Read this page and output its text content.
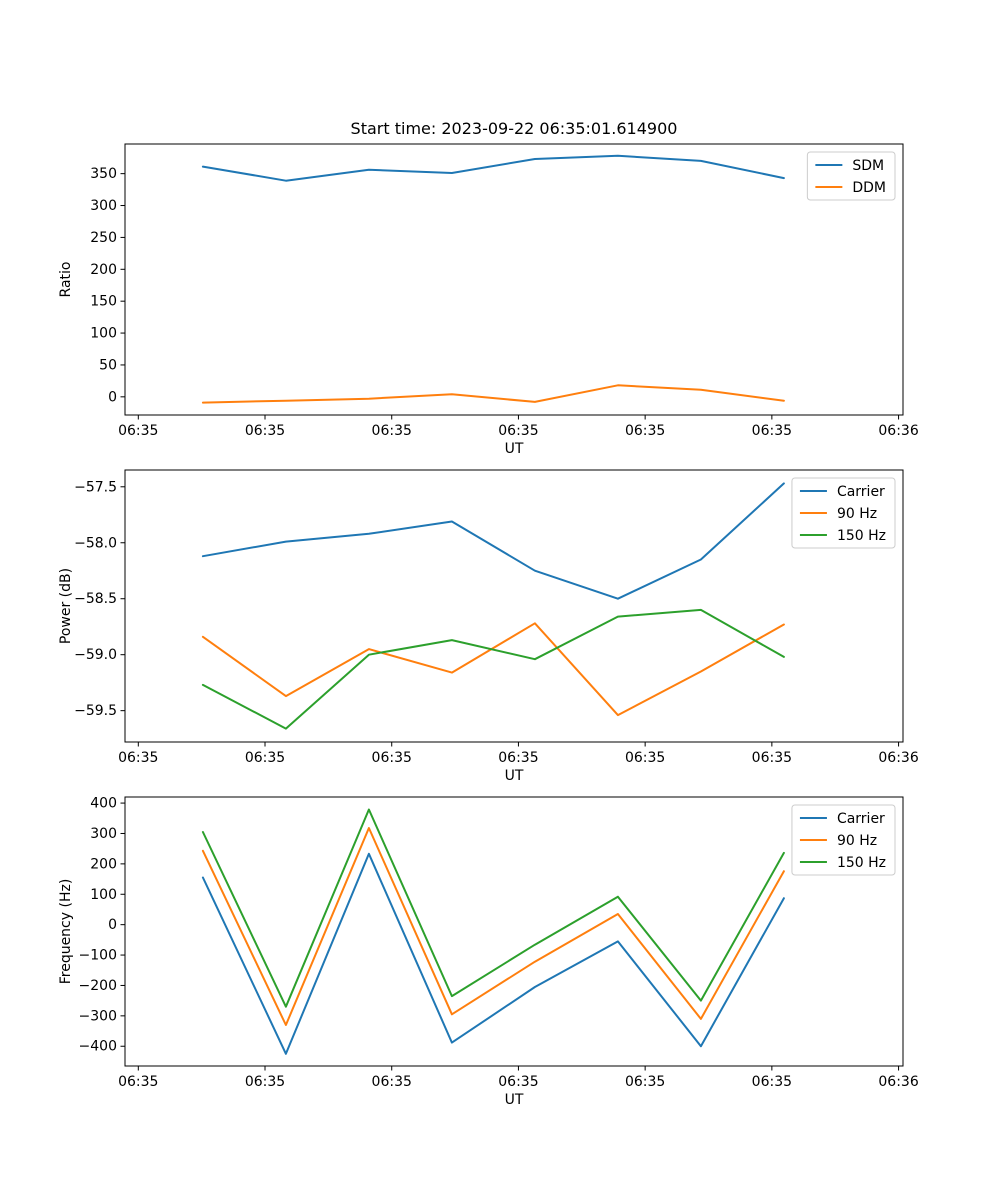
Start time: 2023-09-22 06:35:01.614900
Ratio
Power (dB)
Frequency (Hz)
UT
UT
UT
06:35	06:35	06:35	06:35	06:35	06:35	06:36
0
50
100
150
200
250
300
350
SDM
DDM
06:35	06:35	06:35	06:35	06:35	06:35	06:36
−59.5
−59.0
−58.5
−58.0
−57.5	Carrier
90 Hz
150 Hz
06:35	06:35	06:35	06:35	06:35	06:35	06:36
−400
−300
−200
−100
0
100
200
300
400
Carrier
90 Hz
150 Hz
